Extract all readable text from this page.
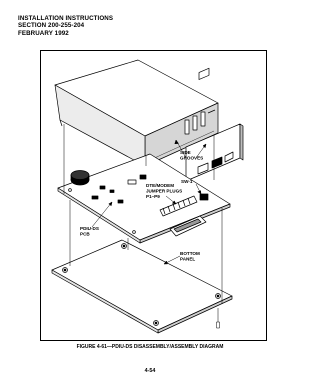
INSTALLATION INSTRUCTIONS
SECTION 200-255-204
FEBRUARY 1992
SIDE
GROOVES
SW-1
DTE/MODEM
JUMPER PLUGS
P1–P9
PDIU-DS
PCB
BOTTOM
PANEL
FIGURE 4-61—PDIU-DS DISASSEMBLY/ASSEMBLY DIAGRAM
4-54
